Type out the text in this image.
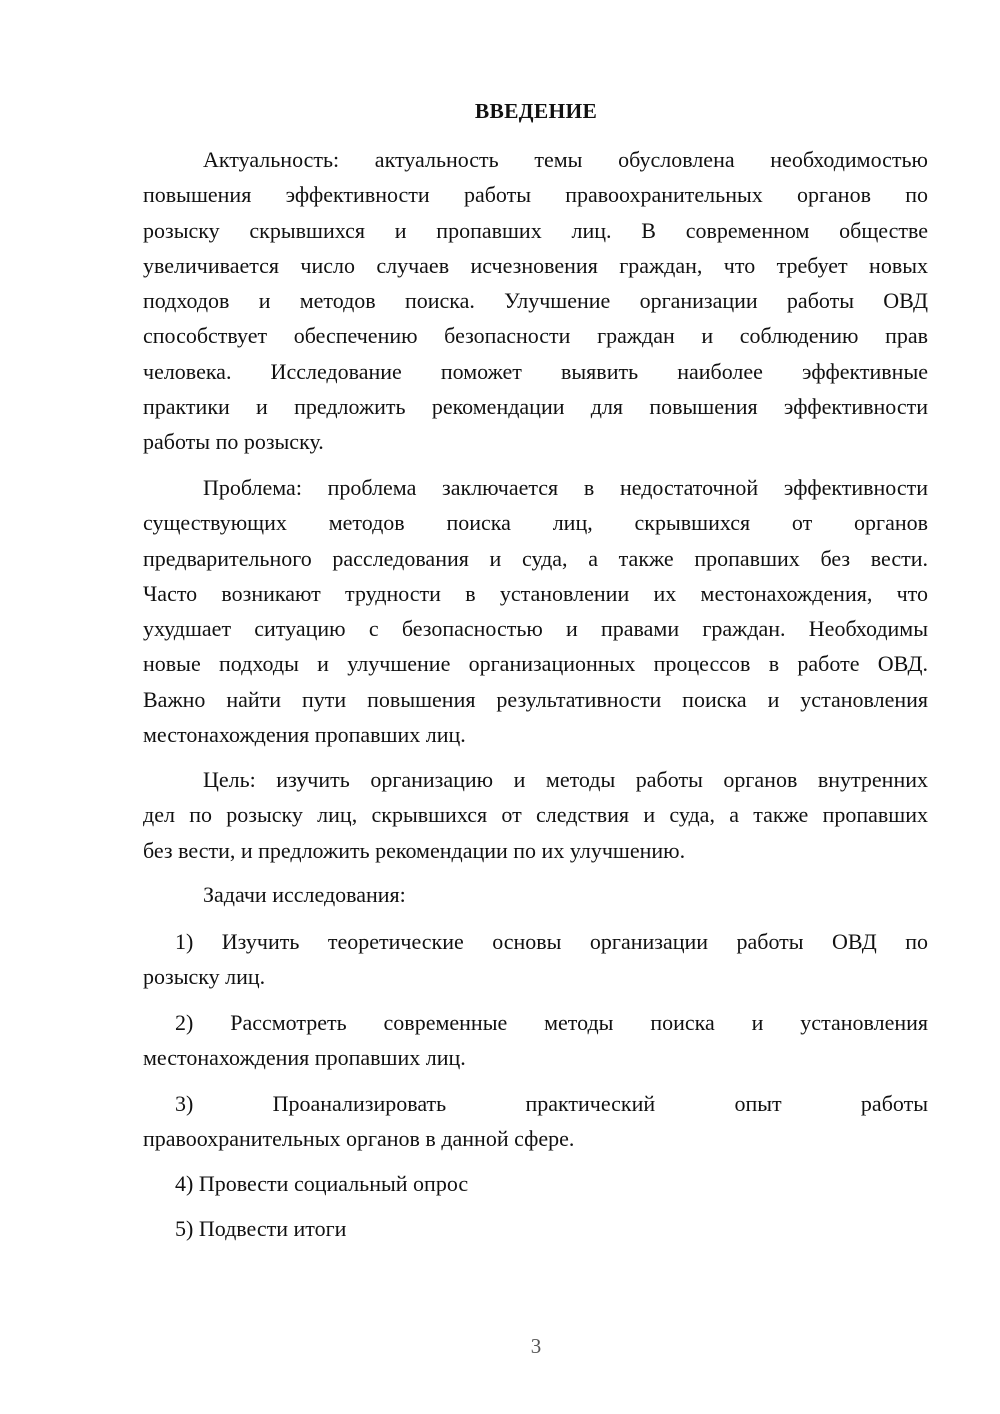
ВВЕДЕНИЕ
Актуальность: актуальность темы обусловлена необходимостью
повышения эффективности работы правоохранительных органов по
розыску скрывшихся и пропавших лиц. В современном обществе
увеличивается число случаев исчезновения граждан, что требует новых
подходов и методов поиска. Улучшение организации работы ОВД
способствует обеспечению безопасности граждан и соблюдению прав
человека. Исследование поможет выявить наиболее эффективные
практики и предложить рекомендации для повышения эффективности
работы по розыску.
Проблема: проблема заключается в недостаточной эффективности
существующих методов поиска лиц, скрывшихся от органов
предварительного расследования и суда, а также пропавших без вести.
Часто возникают трудности в установлении их местонахождения, что
ухудшает ситуацию с безопасностью и правами граждан. Необходимы
новые подходы и улучшение организационных процессов в работе ОВД.
Важно найти пути повышения результативности поиска и установления
местонахождения пропавших лиц.
Цель: изучить организацию и методы работы органов внутренних
дел по розыску лиц, скрывшихся от следствия и суда, а также пропавших
без вести, и предложить рекомендации по их улучшению.
Задачи исследования:
1) Изучить теоретические основы организации работы ОВД по
розыску лиц.
2) Рассмотреть современные методы поиска и установления
местонахождения пропавших лиц.
3) Проанализировать практический опыт работы
правоохранительных органов в данной сфере.
4) Провести социальный опрос
5) Подвести итоги
3
